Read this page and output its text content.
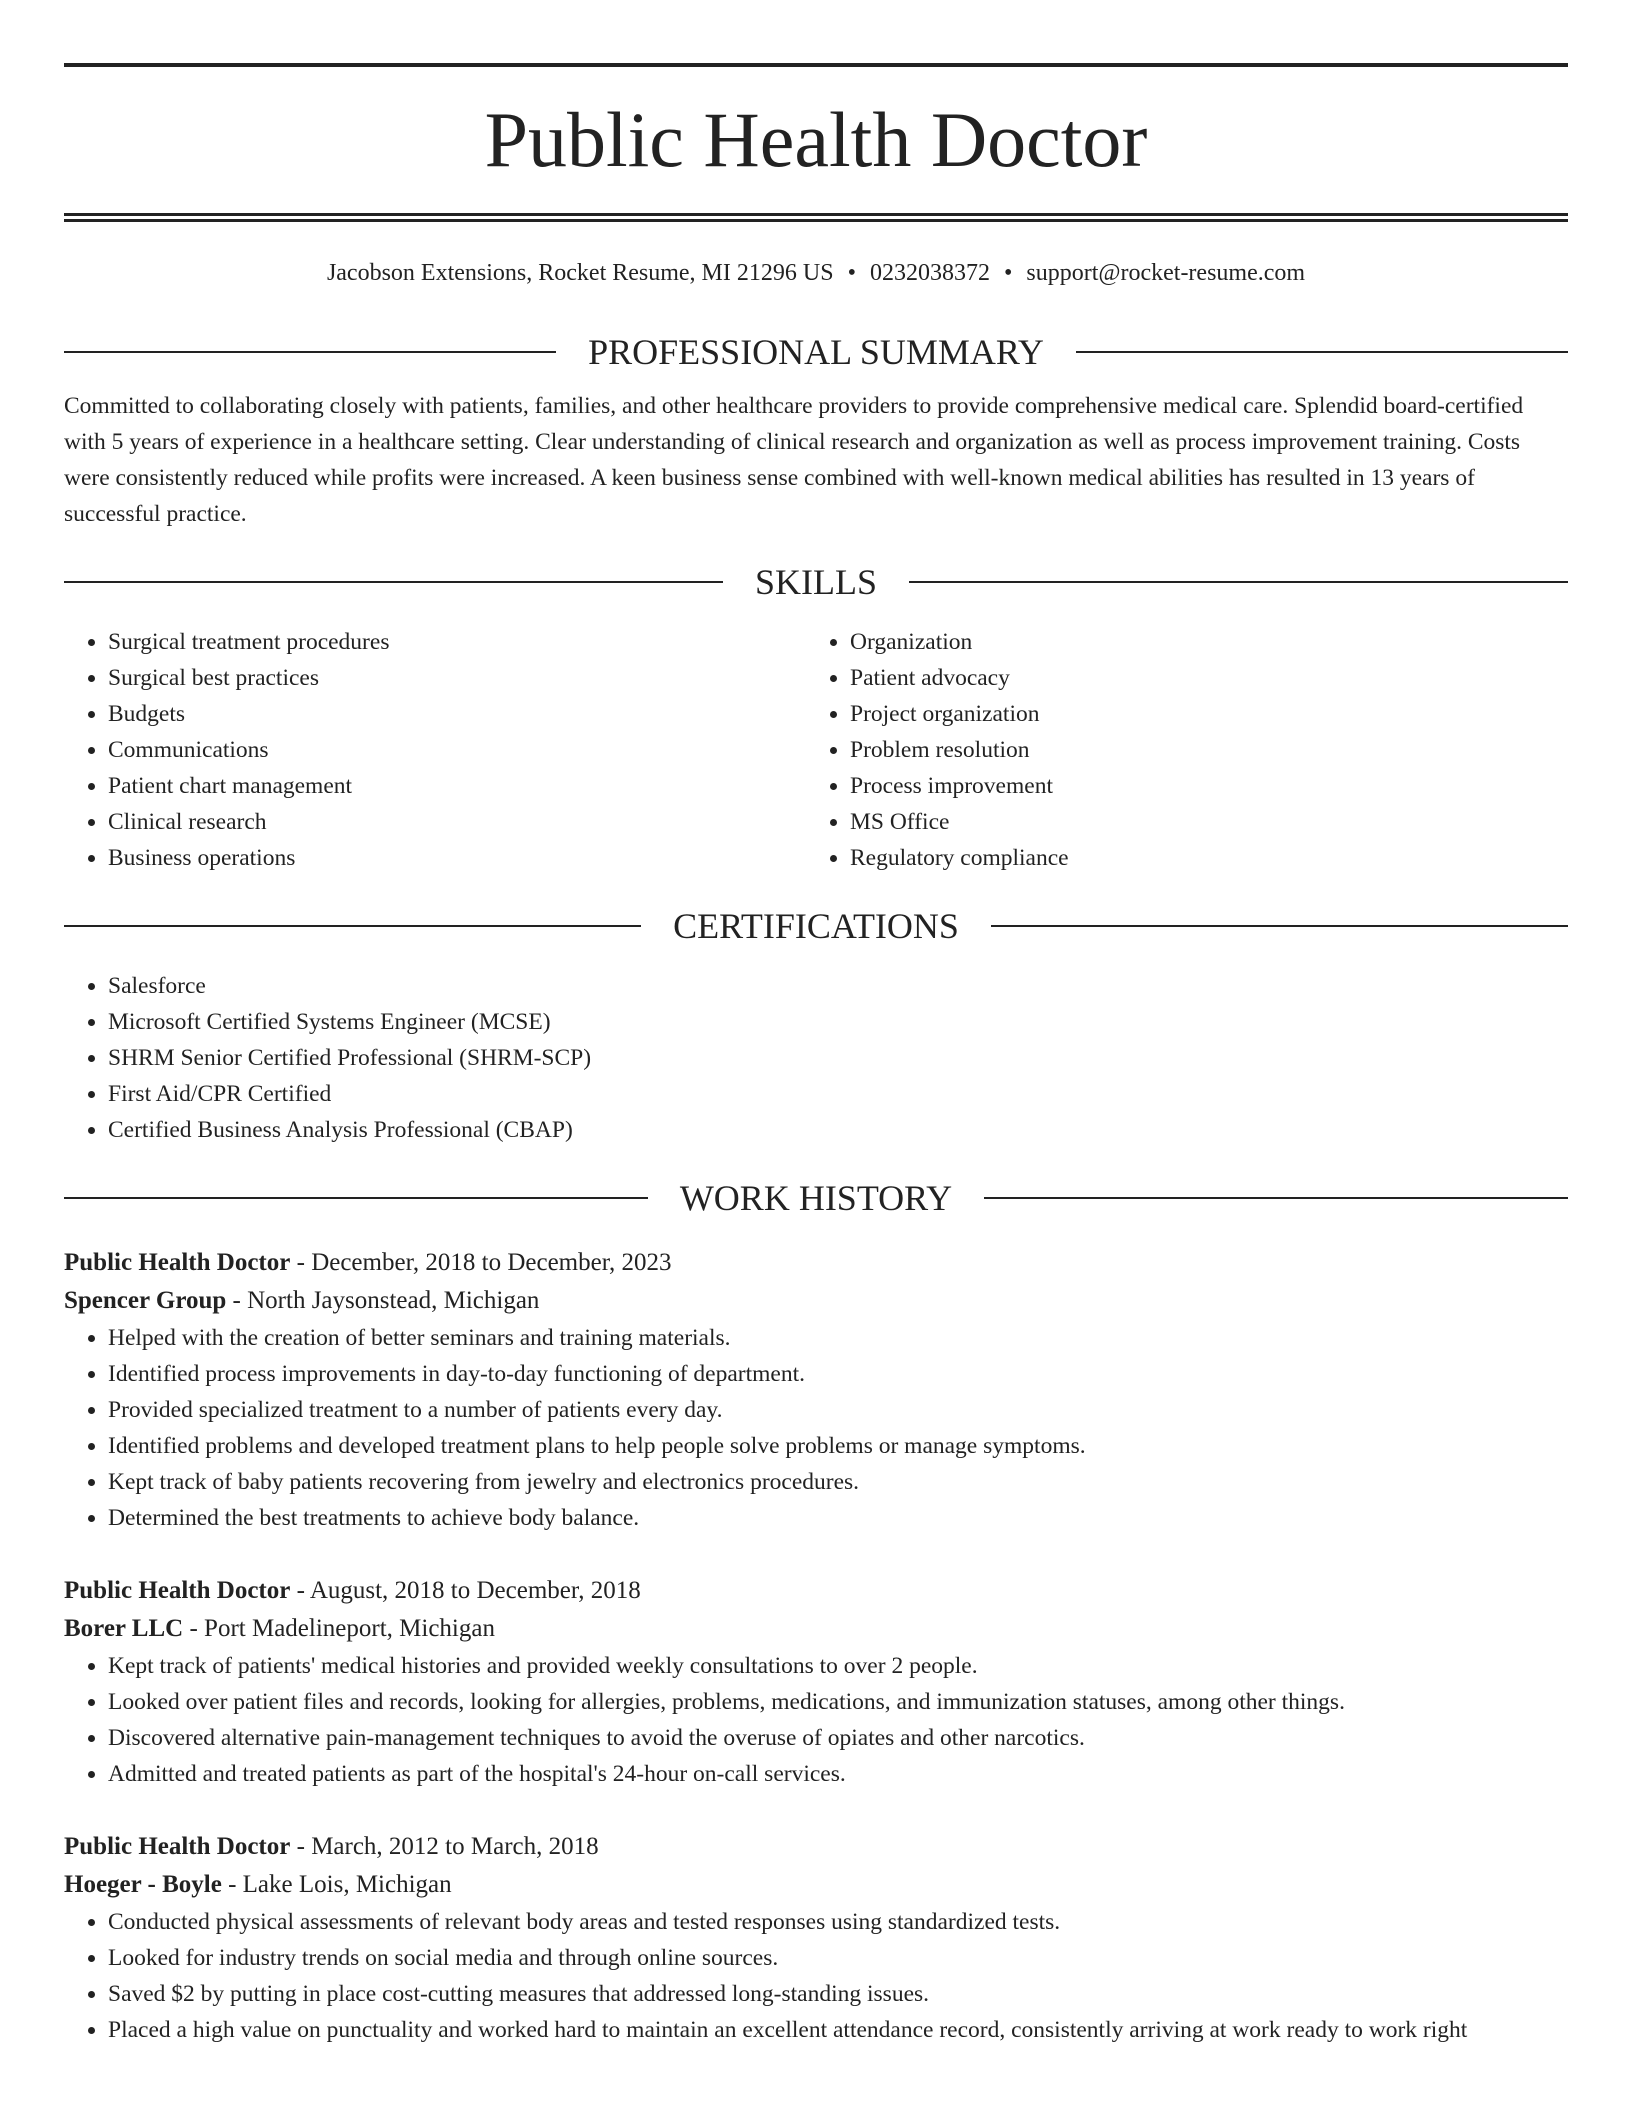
Public Health Doctor
Jacobson Extensions, Rocket Resume, MI 21296 US • 0232038372 • support@rocket-resume.com
PROFESSIONAL SUMMARY
Committed to collaborating closely with patients, families, and other healthcare providers to provide comprehensive medical care. Splendid board-certified with 5 years of experience in a healthcare setting. Clear understanding of clinical research and organization as well as process improvement training. Costs were consistently reduced while profits were increased. A keen business sense combined with well-known medical abilities has resulted in 13 years of successful practice.
SKILLS
• Surgical treatment procedures
• Surgical best practices
• Budgets
• Communications
• Patient chart management
• Clinical research
• Business operations
• Organization
• Patient advocacy
• Project organization
• Problem resolution
• Process improvement
• MS Office
• Regulatory compliance
CERTIFICATIONS
• Salesforce
• Microsoft Certified Systems Engineer (MCSE)
• SHRM Senior Certified Professional (SHRM-SCP)
• First Aid/CPR Certified
• Certified Business Analysis Professional (CBAP)
WORK HISTORY
Public Health Doctor - December, 2018 to December, 2023
Spencer Group - North Jaysonstead, Michigan
• Helped with the creation of better seminars and training materials.
• Identified process improvements in day-to-day functioning of department.
• Provided specialized treatment to a number of patients every day.
• Identified problems and developed treatment plans to help people solve problems or manage symptoms.
• Kept track of baby patients recovering from jewelry and electronics procedures.
• Determined the best treatments to achieve body balance.
Public Health Doctor - August, 2018 to December, 2018
Borer LLC - Port Madelineport, Michigan
• Kept track of patients' medical histories and provided weekly consultations to over 2 people.
• Looked over patient files and records, looking for allergies, problems, medications, and immunization statuses, among other things.
• Discovered alternative pain-management techniques to avoid the overuse of opiates and other narcotics.
• Admitted and treated patients as part of the hospital's 24-hour on-call services.
Public Health Doctor - March, 2012 to March, 2018
Hoeger - Boyle - Lake Lois, Michigan
• Conducted physical assessments of relevant body areas and tested responses using standardized tests.
• Looked for industry trends on social media and through online sources.
• Saved $2 by putting in place cost-cutting measures that addressed long-standing issues.
• Placed a high value on punctuality and worked hard to maintain an excellent attendance record, consistently arriving at work ready to work right
